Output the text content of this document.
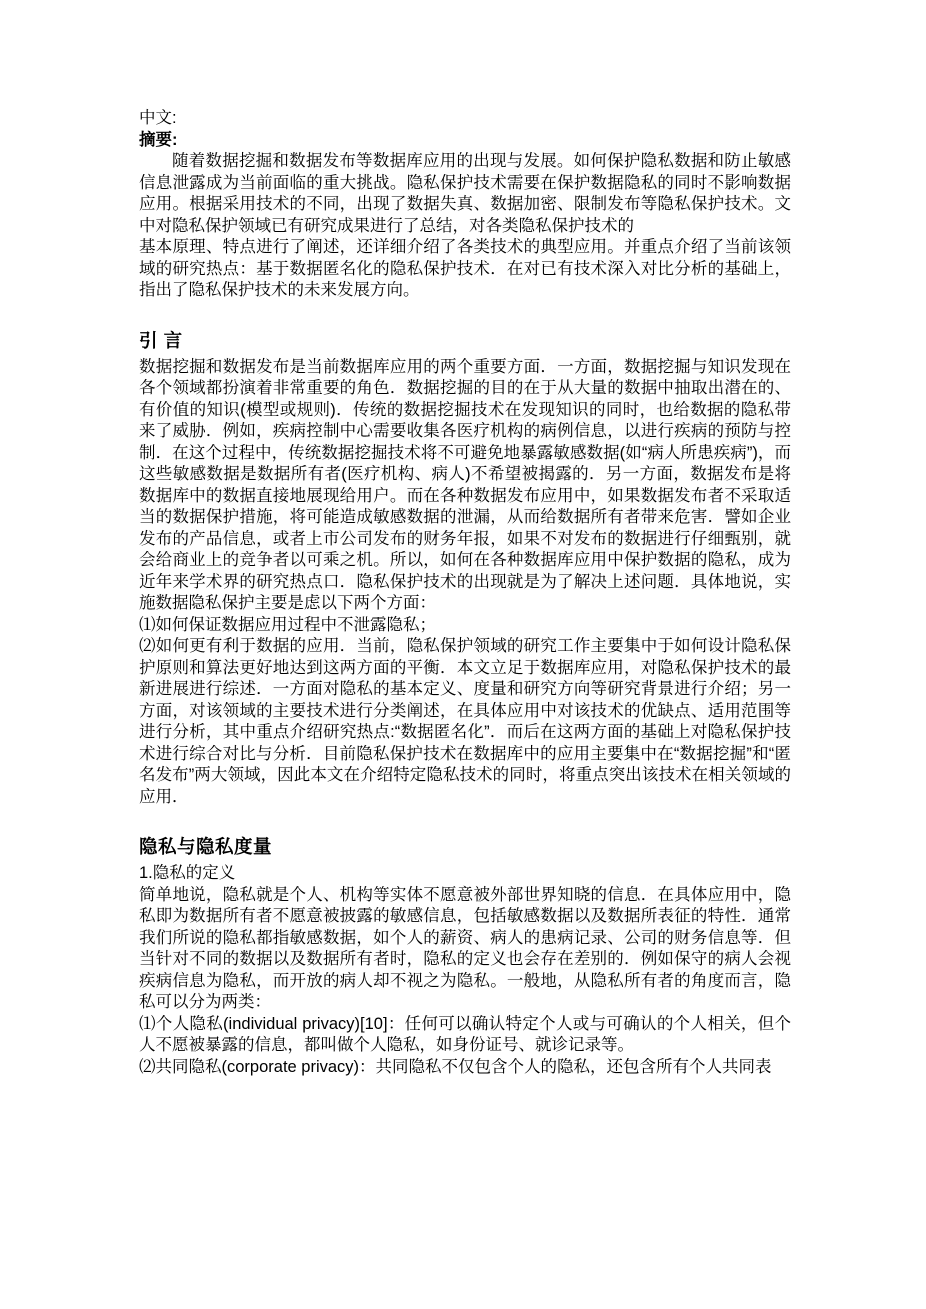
中文:

摘要:

随着数据挖掘和数据发布等数据库应用的出现与发展。如何保护隐私数据和防止敏感信息泄露成为当前面临的重大挑战。隐私保护技术需要在保护数据隐私的同时不影响数据应用。根据采用技术的不同，出现了数据失真、数据加密、限制发布等隐私保护技术。文中对隐私保护领域已有研究成果进行了总结，对各类隐私保护技术的

基本原理、特点进行了阐述，还详细介绍了各类技术的典型应用。并重点介绍了当前该领域的研究热点：基于数据匿名化的隐私保护技术．在对已有技术深入对比分析的基础上，指出了隐私保护技术的未来发展方向。

引 言

数据挖掘和数据发布是当前数据库应用的两个重要方面．一方面，数据挖掘与知识发现在各个领域都扮演着非常重要的角色．数据挖掘的目的在于从大量的数据中抽取出潜在的、有价值的知识(模型或规则)．传统的数据挖掘技术在发现知识的同时，也给数据的隐私带来了威胁．例如，疾病控制中心需要收集各医疗机构的病例信息，以进行疾病的预防与控制．在这个过程中，传统数据挖掘技术将不可避免地暴露敏感数据(如“病人所患疾病”)，而这些敏感数据是数据所有者(医疗机构、病人)不希望被揭露的．另一方面，数据发布是将数据库中的数据直接地展现给用户。而在各种数据发布应用中，如果数据发布者不采取适当的数据保护措施，将可能造成敏感数据的泄漏，从而给数据所有者带来危害．譬如企业发布的产品信息，或者上市公司发布的财务年报，如果不对发布的数据进行仔细甄别，就会给商业上的竞争者以可乘之机。所以，如何在各种数据库应用中保护数据的隐私，成为近年来学术界的研究热点口．隐私保护技术的出现就是为了解决上述问题．具体地说，实施数据隐私保护主要是虑以下两个方面：

⑴如何保证数据应用过程中不泄露隐私；

⑵如何更有利于数据的应用．当前，隐私保护领域的研究工作主要集中于如何设计隐私保护原则和算法更好地达到这两方面的平衡．本文立足于数据库应用，对隐私保护技术的最新进展进行综述．一方面对隐私的基本定义、度量和研究方向等研究背景进行介绍；另一方面，对该领域的主要技术进行分类阐述，在具体应用中对该技术的优缺点、适用范围等进行分析，其中重点介绍研究热点:“数据匿名化”．而后在这两方面的基础上对隐私保护技术进行综合对比与分析．目前隐私保护技术在数据库中的应用主要集中在“数据挖掘”和“匿名发布”两大领域，因此本文在介绍特定隐私技术的同时，将重点突出该技术在相关领域的应用．

隐私与隐私度量

1.隐私的定义

简单地说，隐私就是个人、机构等实体不愿意被外部世界知晓的信息．在具体应用中，隐私即为数据所有者不愿意被披露的敏感信息，包括敏感数据以及数据所表征的特性．通常我们所说的隐私都指敏感数据，如个人的薪资、病人的患病记录、公司的财务信息等．但当针对不同的数据以及数据所有者时，隐私的定义也会存在差别的．例如保守的病人会视疾病信息为隐私，而开放的病人却不视之为隐私。一般地，从隐私所有者的角度而言，隐私可以分为两类：

⑴个人隐私(individual privacy)[10]：任何可以确认特定个人或与可确认的个人相关，但个人不愿被暴露的信息，都叫做个人隐私，如身份证号、就诊记录等。

⑵共同隐私(corporate privacy)：共同隐私不仅包含个人的隐私，还包含所有个人共同表
